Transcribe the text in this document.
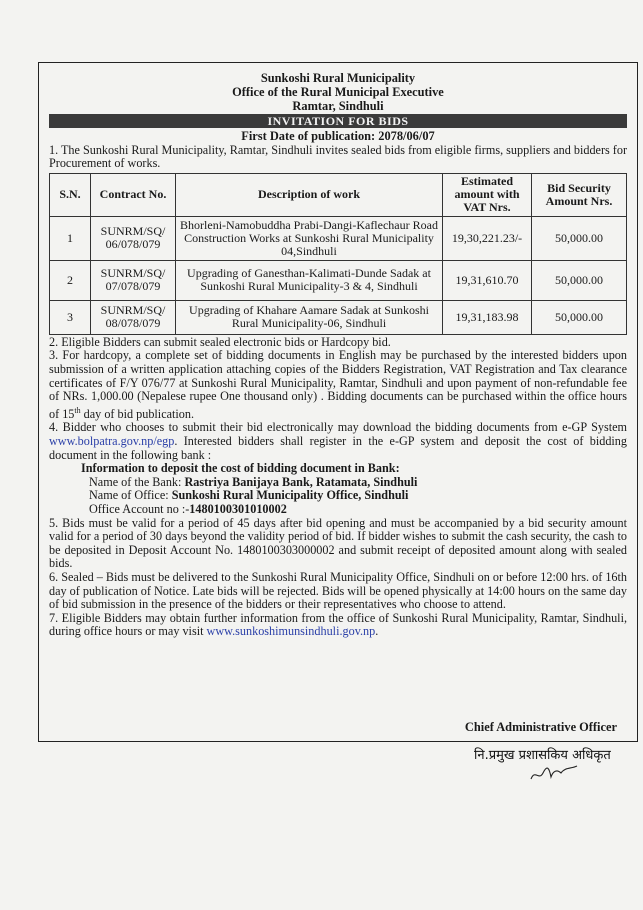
Sunkoshi Rural Municipality
Office of the Rural Municipal Executive
Ramtar, Sindhuli
INVITATION FOR BIDS
First Date of publication: 2078/06/07

1. The Sunkoshi Rural Municipality, Ramtar, Sindhuli invites sealed bids from eligible firms, suppliers and bidders for Procurement of works.

S.N.	Contract No.	Description of work	Estimated amount with VAT Nrs.	Bid Security Amount Nrs.
1	SUNRM/SQ/ 06/078/079	Bhorleni-Namobuddha Prabi-Dangi-Kaflechaur Road Construction Works at Sunkoshi Rural Municipality 04,Sindhuli	19,30,221.23/-	50,000.00
2	SUNRM/SQ/ 07/078/079	Upgrading of Ganesthan-Kalimati-Dunde Sadak at Sunkoshi Rural Municipality-3 & 4, Sindhuli	19,31,610.70	50,000.00
3	SUNRM/SQ/ 08/078/079	Upgrading of Khahare Aamare Sadak at Sunkoshi Rural Municipality-06, Sindhuli	19,31,183.98	50,000.00

2. Eligible Bidders can submit sealed electronic bids or Hardcopy bid.

3. For hardcopy, a complete set of bidding documents in English may be purchased by the interested bidders upon submission of a written application attaching copies of the Bidders Registration, VAT Registration and Tax clearance certificates of F/Y 076/77 at Sunkoshi Rural Municipality, Ramtar, Sindhuli and upon payment of non-refundable fee of NRs. 1,000.00 (Nepalese rupee One thousand only) . Bidding documents can be purchased within the office hours of 15th day of bid publication.

4. Bidder who chooses to submit their bid electronically may download the bidding documents from e-GP System www.bolpatra.gov.np/egp. Interested bidders shall register in the e-GP system and deposit the cost of bidding document in the following bank :

Information to deposit the cost of bidding document in Bank:
Name of the Bank: Rastriya Banijaya Bank, Ratamata, Sindhuli
Name of Office: Sunkoshi Rural Municipality Office, Sindhuli
Office Account no :-1480100301010002

5. Bids must be valid for a period of 45 days after bid opening and must be accompanied by a bid security amount valid for a period of 30 days beyond the validity period of bid. If bidder wishes to submit the cash security, the cash to be deposited in Deposit Account No. 1480100303000002 and submit receipt of deposited amount along with sealed bids.

6. Sealed – Bids must be delivered to the Sunkoshi Rural Municipality Office, Sindhuli on or before 12:00 hrs. of 16th day of publication of Notice. Late bids will be rejected. Bids will be opened physically at 14:00 hours on the same day of bid submission in the presence of the bidders or their representatives who choose to attend.

7. Eligible Bidders may obtain further information from the office of Sunkoshi Rural Municipality, Ramtar, Sindhuli, during office hours or may visit www.sunkoshimunsindhuli.gov.np.

Chief Administrative Officer
नि.प्रमुख प्रशासकिय अधिकृत
